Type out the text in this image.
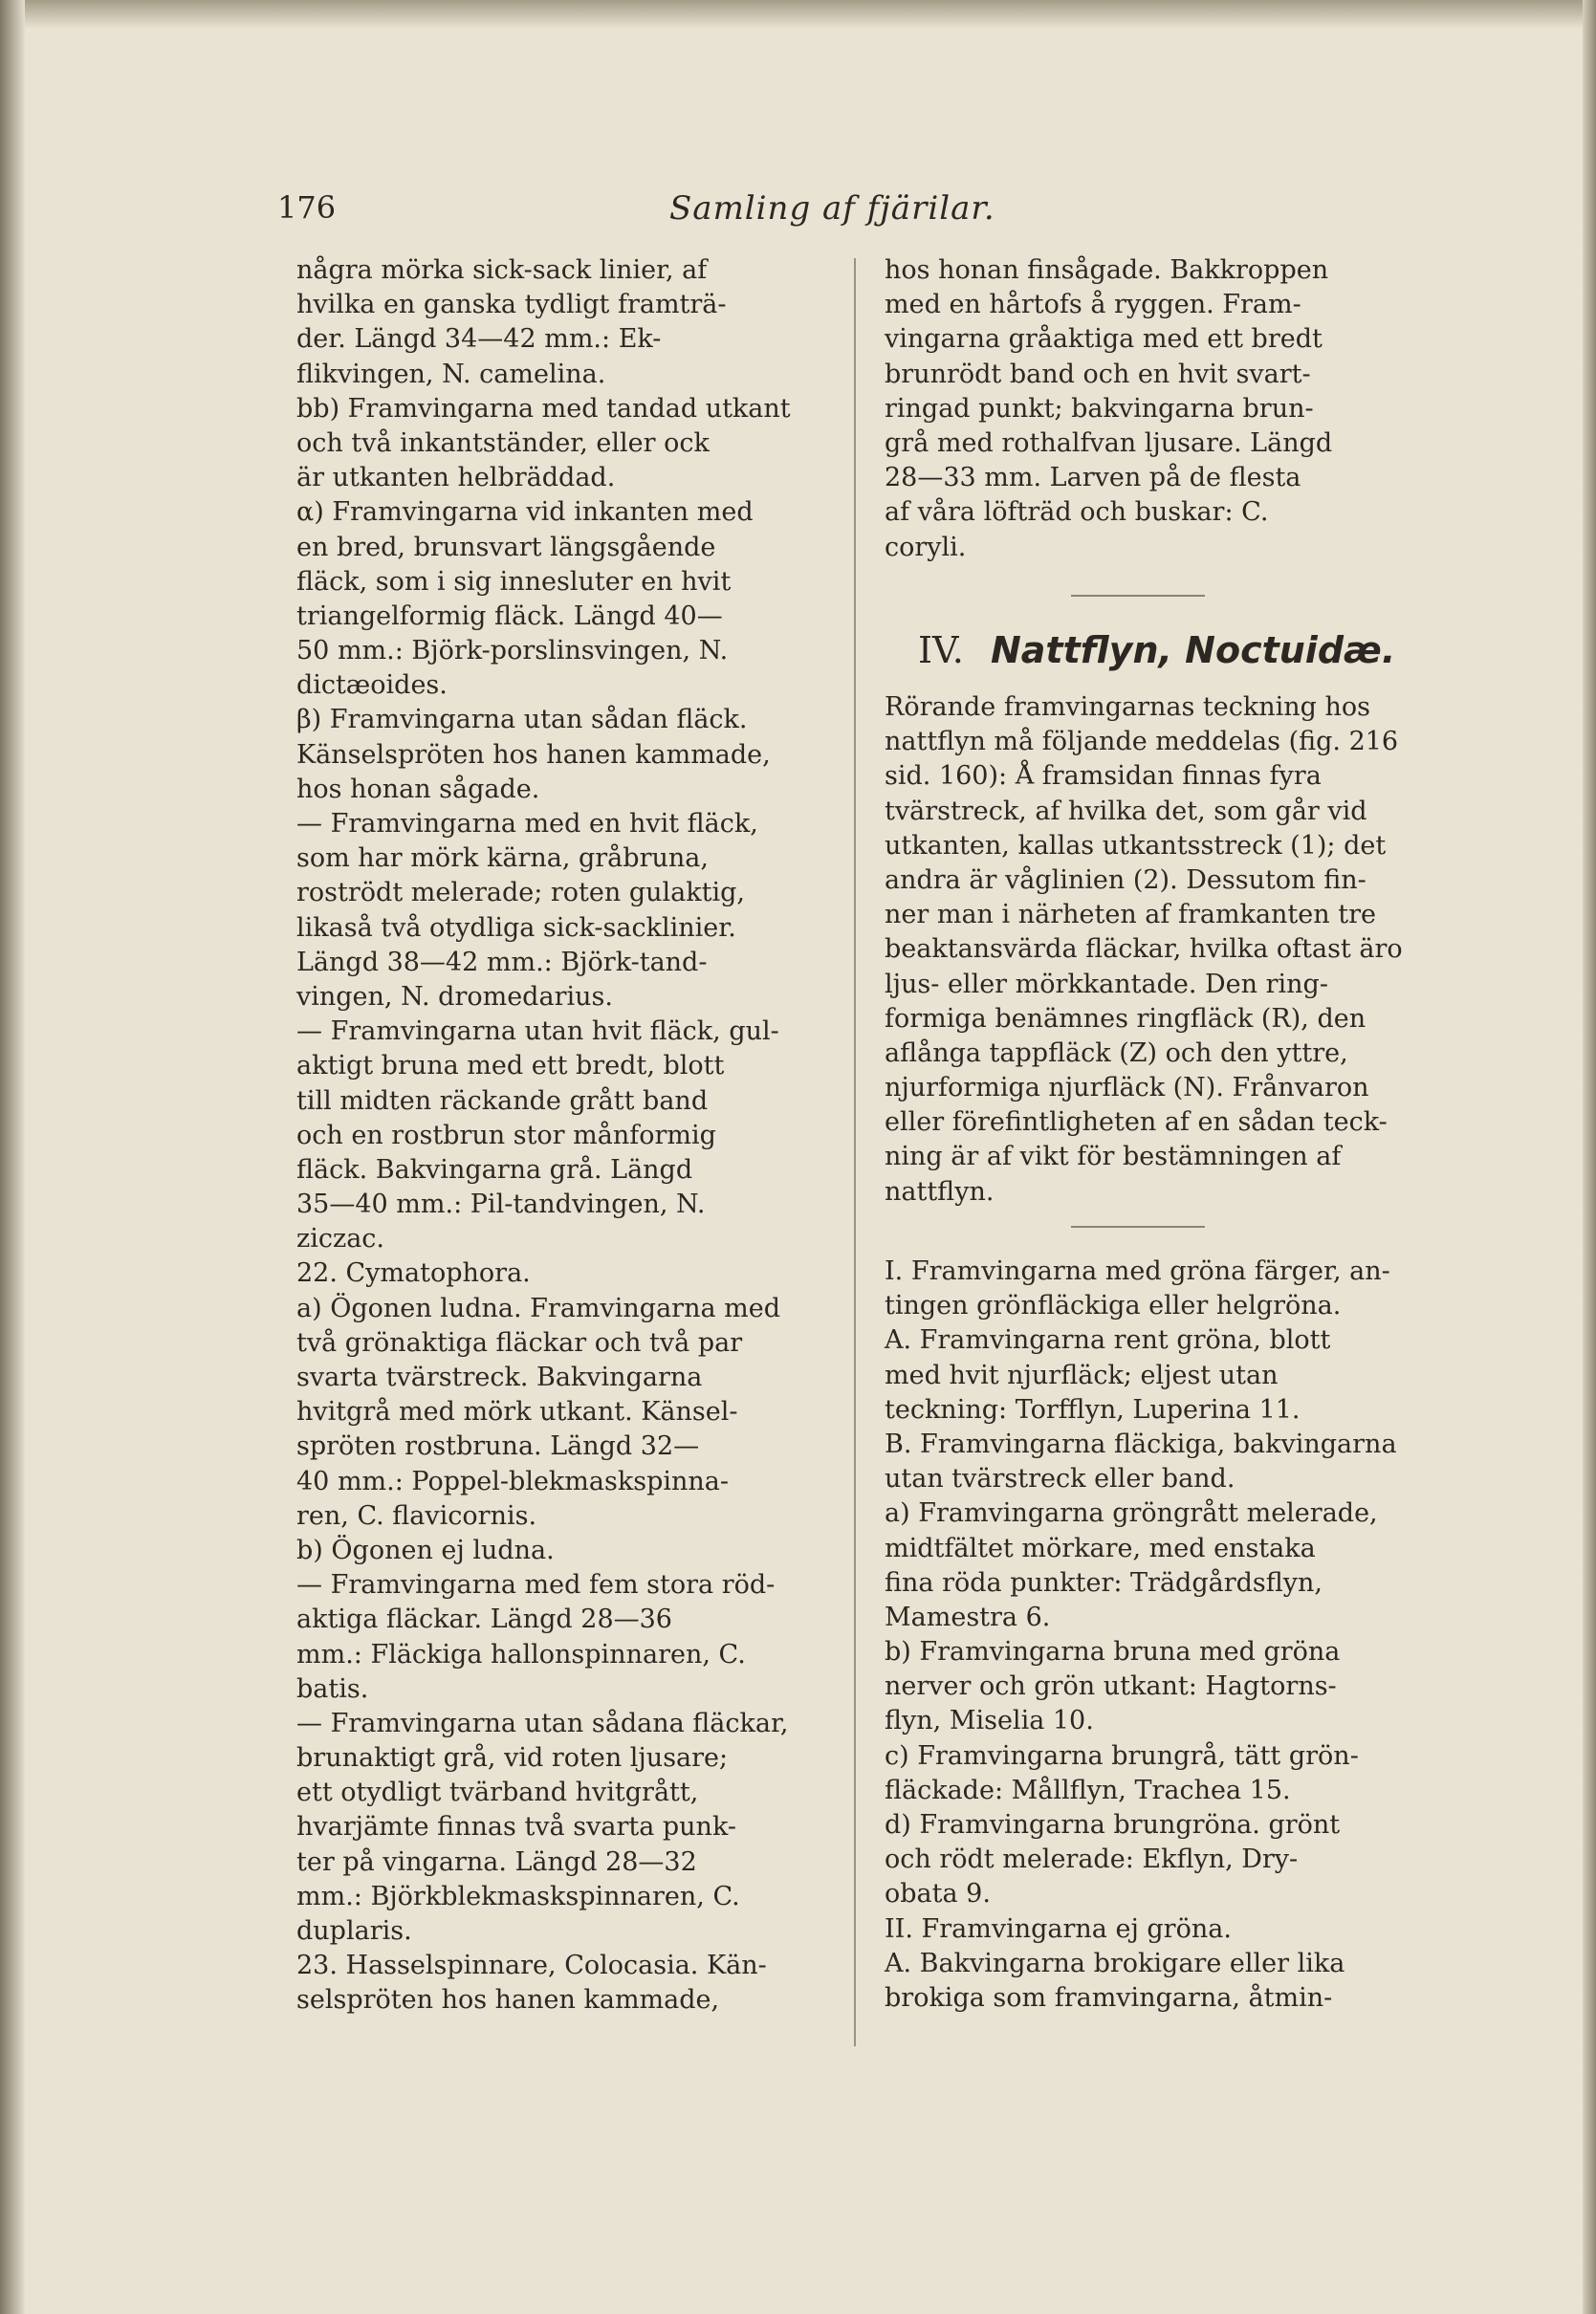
176	Samling af fjärilar.
några mörka sick-sack linier, af
hvilka en ganska tydligt framträ-
der. Längd 34—42 mm.: Ek-
flikvingen, N. camelina.
bb) Framvingarna med tandad utkant
och två inkantständer, eller ock
är utkanten helbräddad.
α) Framvingarna vid inkanten med
en bred, brunsvart längsgående
fläck, som i sig innesluter en hvit
triangelformig fläck. Längd 40—
50 mm.: Björk-porslinsvingen, N.
dictæoides.
β) Framvingarna utan sådan fläck.
Känselspröten hos hanen kammade,
hos honan sågade.
— Framvingarna med en hvit fläck,
som har mörk kärna, gråbruna,
roströdt melerade; roten gulaktig,
likaså två otydliga sick-sacklinier.
Längd 38—42 mm.: Björk-tand-
vingen, N. dromedarius.
— Framvingarna utan hvit fläck, gul-
aktigt bruna med ett bredt, blott
till midten räckande grått band
och en rostbrun stor månformig
fläck. Bakvingarna grå. Längd
35—40 mm.: Pil-tandvingen, N.
ziczac.
22. Cymatophora.
a) Ögonen ludna. Framvingarna med
två grönaktiga fläckar och två par
svarta tvärstreck. Bakvingarna
hvitgrå med mörk utkant. Känsel-
spröten rostbruna. Längd 32—
40 mm.: Poppel-blekmaskspinna-
ren, C. flavicornis.
b) Ögonen ej ludna.
— Framvingarna med fem stora röd-
aktiga fläckar. Längd 28—36
mm.: Fläckiga hallonspinnaren, C.
batis.
— Framvingarna utan sådana fläckar,
brunaktigt grå, vid roten ljusare;
ett otydligt tvärband hvitgrått,
hvarjämte finnas två svarta punk-
ter på vingarna. Längd 28—32
mm.: Björkblekmaskspinnaren, C.
duplaris.
23. Hasselspinnare, Colocasia. Kän-
selspröten hos hanen kammade,
hos honan finsågade. Bakkroppen
med en hårtofs å ryggen. Fram-
vingarna gråaktiga med ett bredt
brunrödt band och en hvit svart-
ringad punkt; bakvingarna brun-
grå med rothalfvan ljusare. Längd
28—33 mm. Larven på de flesta
af våra löfträd och buskar: C.
coryli.
IV. Nattflyn, Noctuidæ.
Rörande framvingarnas teckning hos
nattflyn må följande meddelas (fig. 216
sid. 160): Å framsidan finnas fyra
tvärstreck, af hvilka det, som går vid
utkanten, kallas utkantsstreck (1); det
andra är våglinien (2). Dessutom fin-
ner man i närheten af framkanten tre
beaktansvärda fläckar, hvilka oftast äro
ljus- eller mörkkantade. Den ring-
formiga benämnes ringfläck (R), den
aflånga tappfläck (Z) och den yttre,
njurformiga njurfläck (N). Frånvaron
eller förefintligheten af en sådan teck-
ning är af vikt för bestämningen af
nattflyn.
I. Framvingarna med gröna färger, an-
tingen grönfläckiga eller helgröna.
A. Framvingarna rent gröna, blott
med hvit njurfläck; eljest utan
teckning: Torfflyn, Luperina 11.
B. Framvingarna fläckiga, bakvingarna
utan tvärstreck eller band.
a) Framvingarna gröngrått melerade,
midtfältet mörkare, med enstaka
fina röda punkter: Trädgårdsflyn,
Mamestra 6.
b) Framvingarna bruna med gröna
nerver och grön utkant: Hagtorns-
flyn, Miselia 10.
c) Framvingarna brungrå, tätt grön-
fläckade: Mållflyn, Trachea 15.
d) Framvingarna brungröna. grönt
och rödt melerade: Ekflyn, Dry-
obata 9.
II. Framvingarna ej gröna.
A. Bakvingarna brokigare eller lika
brokiga som framvingarna, åtmin-
